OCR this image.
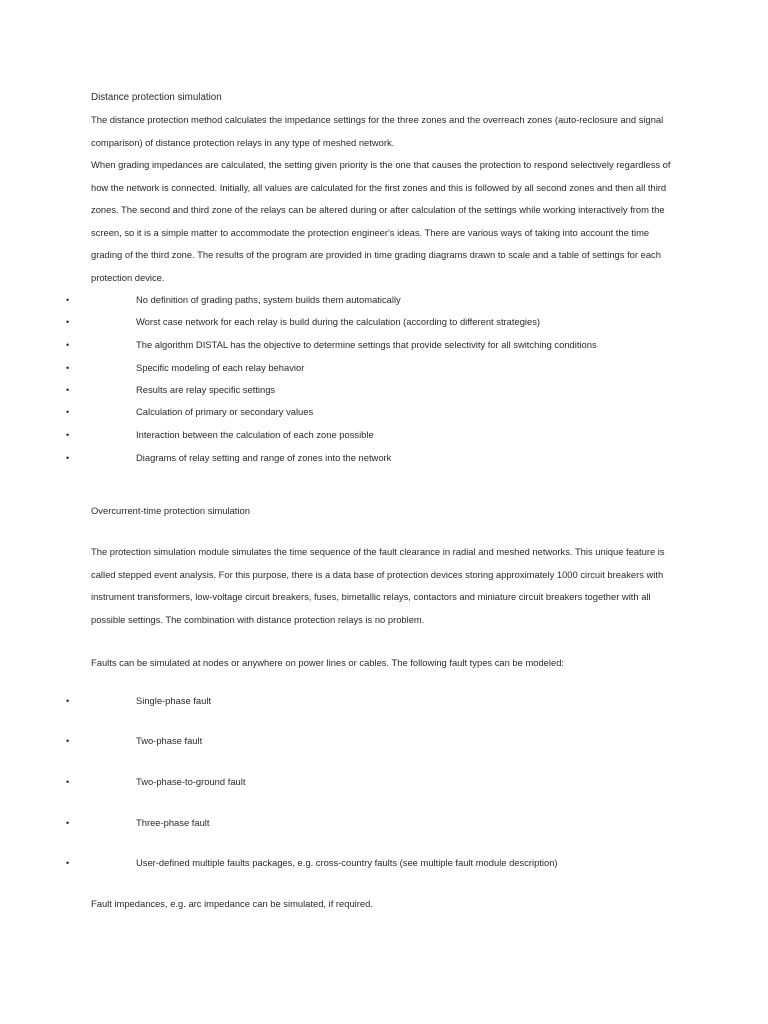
Distance protection simulation
The distance protection method calculates the impedance settings for the three zones and the overreach zones (auto-reclosure and signal comparison) of distance protection relays in any type of meshed network.
When grading impedances are calculated, the setting given priority is the one that causes the protection to respond selectively regardless of how the network is connected. Initially, all values are calculated for the first zones and this is followed by all second zones and then all third zones. The second and third zone of the relays can be altered during or after calculation of the settings while working interactively from the screen, so it is a simple matter to accommodate the protection engineer's ideas. There are various ways of taking into account the time grading of the third zone. The results of the program are provided in time grading diagrams drawn to scale and a table of settings for each protection device.
•	No definition of grading paths, system builds them automatically
•	Worst case network for each relay is build during the calculation (according to different strategies)
•	The algorithm DISTAL has the objective to determine settings that provide selectivity for all switching conditions
•	Specific modeling of each relay behavior
•	Results are relay specific settings
•	Calculation of primary or secondary values
•	Interaction between the calculation of each zone possible
•	Diagrams of relay setting and range of zones into the network
Overcurrent-time protection simulation
The protection simulation module simulates the time sequence of the fault clearance in radial and meshed networks. This unique feature is called stepped event analysis. For this purpose, there is a data base of protection devices storing approximately 1000 circuit breakers with instrument transformers, low-voltage circuit breakers, fuses, bimetallic relays, contactors and miniature circuit breakers together with all possible settings. The combination with distance protection relays is no problem.
Faults can be simulated at nodes or anywhere on power lines or cables. The following fault types can be modeled:
•	Single-phase fault
•	Two-phase fault
•	Two-phase-to-ground fault
•	Three-phase fault
•	User-defined multiple faults packages, e.g. cross-country faults (see multiple fault module description)
Fault impedances, e.g. arc impedance can be simulated, if required.
